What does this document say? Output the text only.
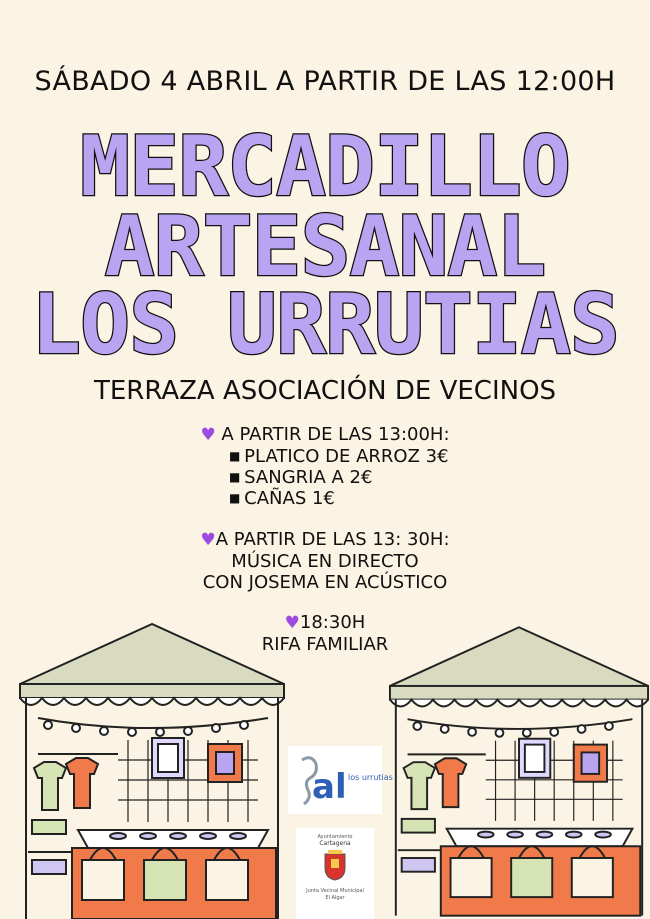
SÁBADO 4 ABRIL A PARTIR DE LAS 12:00H
MERCADILLO
ARTESANAL
LOS URRUTIAS
TERRAZA ASOCIACIÓN DE VECINOS
♥ A PARTIR DE LAS 13:00H:
■ PLATICO DE ARROZ 3€
■ SANGRIA A 2€
■ CAÑAS 1€
♥A PARTIR DE LAS 13: 30H:
MÚSICA EN DIRECTO
CON JOSEMA EN ACÚSTICO
♥18:30H
RIFA FAMILIAR
al los urrutias
Ayuntamiento
Cartagena
Junta Vecinal Municipal
El Algar
